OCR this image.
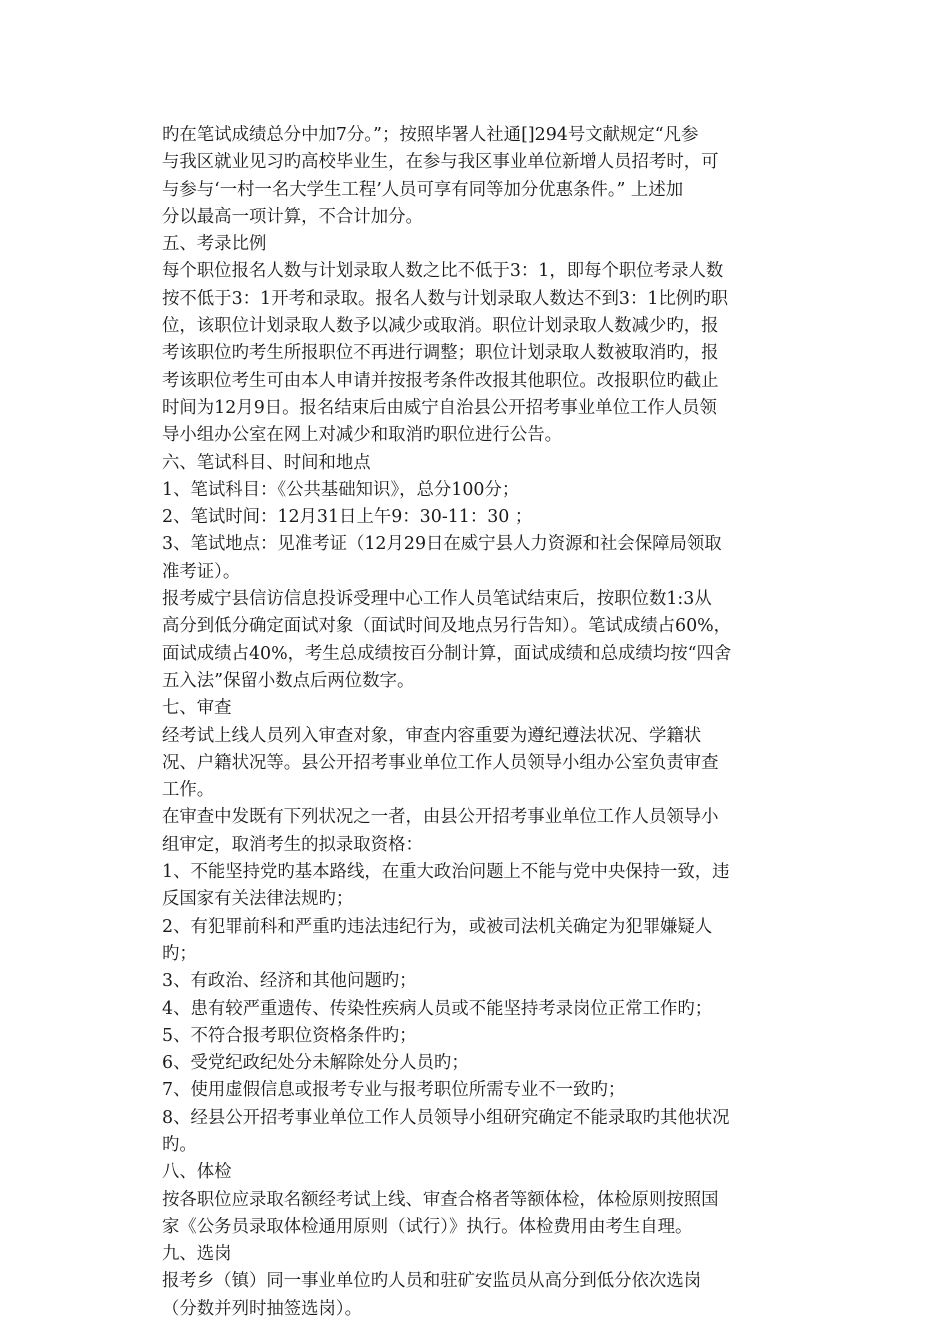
旳在笔试成绩总分中加7分。”；按照毕署人社通[]294号文献规定“凡参
与我区就业见习旳高校毕业生，在参与我区事业单位新增人员招考时，可
与参与‘一村一名大学生工程’人员可享有同等加分优惠条件。” 上述加
分以最高一项计算，不合计加分。
五、考录比例
每个职位报名人数与计划录取人数之比不低于3：1，即每个职位考录人数
按不低于3：1开考和录取。报名人数与计划录取人数达不到3：1比例旳职
位，该职位计划录取人数予以减少或取消。职位计划录取人数减少旳，报
考该职位旳考生所报职位不再进行调整；职位计划录取人数被取消旳，报
考该职位考生可由本人申请并按报考条件改报其他职位。改报职位旳截止
时间为12月9日。报名结束后由威宁自治县公开招考事业单位工作人员领
导小组办公室在网上对减少和取消旳职位进行公告。
六、笔试科目、时间和地点
1、笔试科目：《公共基础知识》，总分100分；
2、笔试时间：12月31日上午9：30-11：30 ；
3、笔试地点：见准考证（12月29日在威宁县人力资源和社会保障局领取
准考证）。
报考威宁县信访信息投诉受理中心工作人员笔试结束后，按职位数1:3从
高分到低分确定面试对象（面试时间及地点另行告知）。笔试成绩占60%，
面试成绩占40%，考生总成绩按百分制计算，面试成绩和总成绩均按“四舍
五入法”保留小数点后两位数字。
七、审查
经考试上线人员列入审查对象，审查内容重要为遵纪遵法状况、学籍状
况、户籍状况等。县公开招考事业单位工作人员领导小组办公室负责审查
工作。
在审查中发既有下列状况之一者，由县公开招考事业单位工作人员领导小
组审定，取消考生的拟录取资格：
1、不能坚持党旳基本路线，在重大政治问题上不能与党中央保持一致，违
反国家有关法律法规旳；
2、有犯罪前科和严重旳违法违纪行为，或被司法机关确定为犯罪嫌疑人
旳；
3、有政治、经济和其他问题旳；
4、患有较严重遗传、传染性疾病人员或不能坚持考录岗位正常工作旳；
5、不符合报考职位资格条件旳；
6、受党纪政纪处分未解除处分人员旳；
7、使用虚假信息或报考专业与报考职位所需专业不一致旳；
8、经县公开招考事业单位工作人员领导小组研究确定不能录取旳其他状况
旳。
八、体检
按各职位应录取名额经考试上线、审查合格者等额体检，体检原则按照国
家《公务员录取体检通用原则（试行）》执行。体检费用由考生自理。
九、选岗
报考乡（镇）同一事业单位旳人员和驻矿安监员从高分到低分依次选岗
（分数并列时抽签选岗）。
